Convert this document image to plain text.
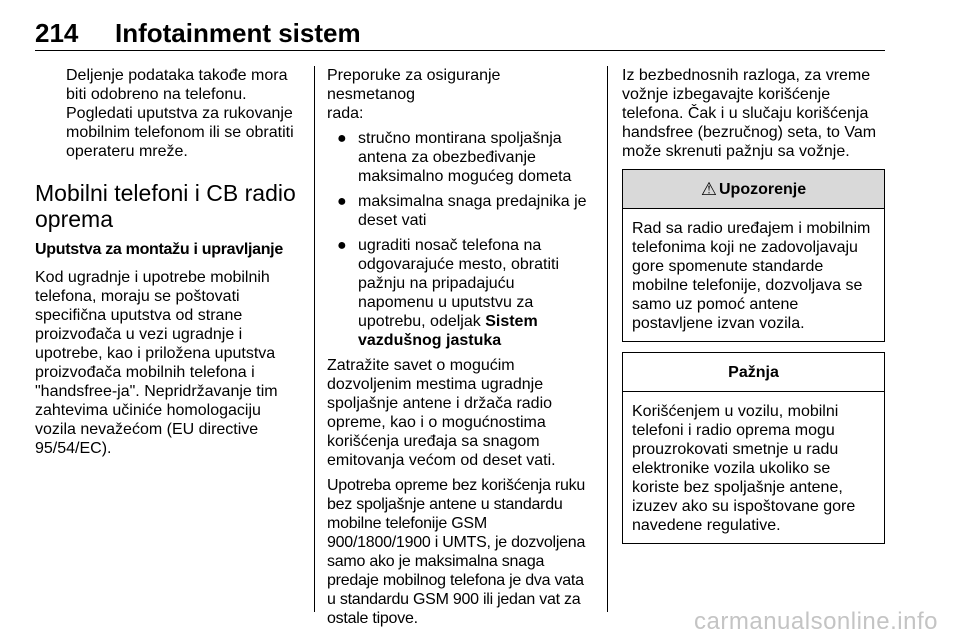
214 Infotainment sistem

Deljenje podataka takođe mora
biti odobreno na telefonu.
Pogledati uputstva za rukovanje
mobilnim telefonom ili se obratiti
operateru mreže.

Mobilni telefoni i CB radio
oprema
Uputstva za montažu i upravljanje

Kod ugradnje i upotrebe mobilnih
telefona, moraju se poštovati
specifična uputstva od strane
proizvođača u vezi ugradnje i
upotrebe, kao i priložena uputstva
proizvođača mobilnih telefona i
"handsfree-ja". Nepridržavanje tim
zahtevima učiniće homologaciju
vozila nevažećom (EU directive
95/54/EC).

Preporuke za osiguranje nesmetanog
rada:

● stručno montirana spoljašnja
antena za obezbeđivanje
maksimalno mogućeg dometa
● maksimalna snaga predajnika je
deset vati
● ugraditi nosač telefona na
odgovarajuće mesto, obratiti
pažnju na pripadajuću
napomenu u uputstvu za
upotrebu, odeljak Sistem
vazdušnog jastuka

Zatražite savet o mogućim
dozvoljenim mestima ugradnje
spoljašnje antene i držača radio
opreme, kao i o mogućnostima
korišćenja uređaja sa snagom
emitovanja većom od deset vati.

Upotreba opreme bez korišćenja ruku
bez spoljašnje antene u standardu
mobilne telefonije GSM
900/1800/1900 i UMTS, je dozvoljena
samo ako je maksimalna snaga
predaje mobilnog telefona je dva vata
u standardu GSM 900 ili jedan vat za
ostale tipove.

Iz bezbednosnih razloga, za vreme
vožnje izbegavajte korišćenje
telefona. Čak i u slučaju korišćenja
handsfree (bezručnog) seta, to Vam
može skrenuti pažnju sa vožnje.

⚠ Upozorenje
Rad sa radio uređajem i mobilnim
telefonima koji ne zadovoljavaju
gore spomenute standarde
mobilne telefonije, dozvoljava se
samo uz pomoć antene
postavljene izvan vozila.
Pažnja
Korišćenjem u vozilu, mobilni
telefoni i radio oprema mogu
prouzrokovati smetnje u radu
elektronike vozila ukoliko se
koriste bez spoljašnje antene,
izuzev ako su ispoštovane gore
navedene regulative.
carmanualsonline.info
